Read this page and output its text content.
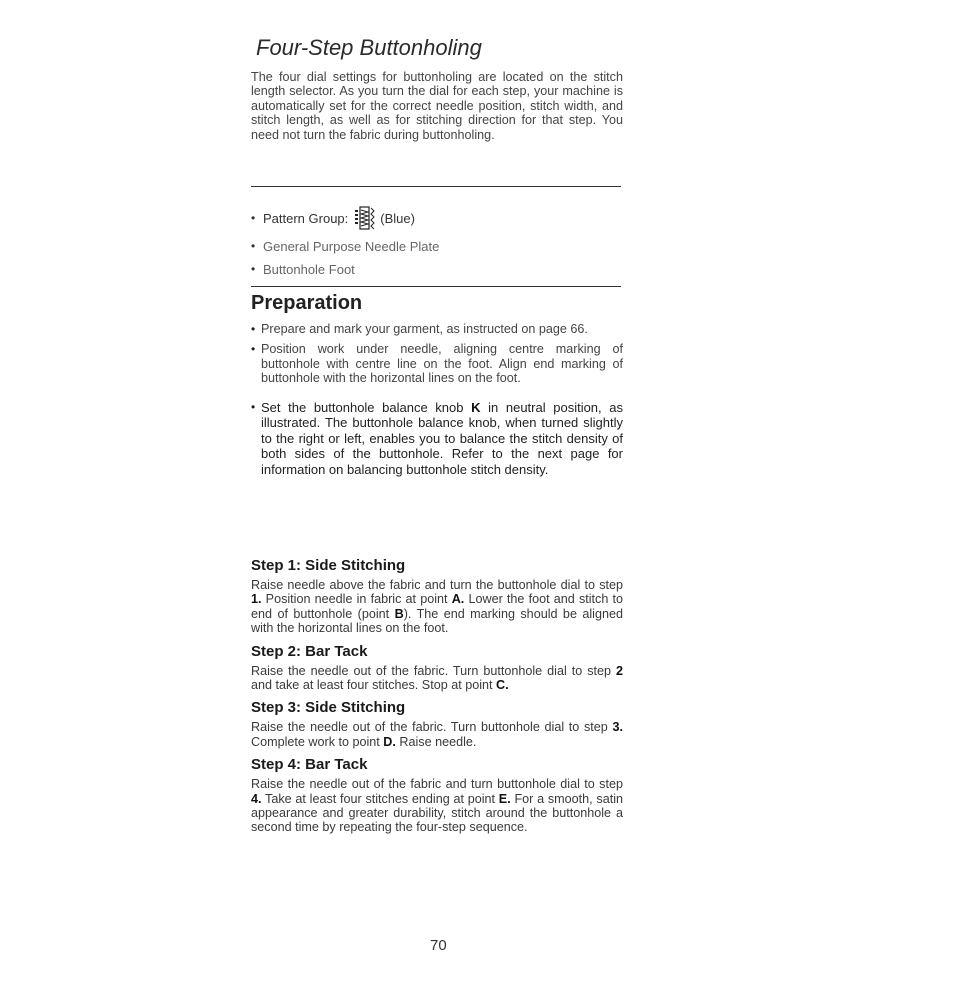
Four-Step Buttonholing

The four dial settings for buttonholing are located on the stitch length selector. As you turn the dial for each step, your machine is automatically set for the correct needle position, stitch width, and stitch length, as well as for stitching direction for that step. You need not turn the fabric during buttonholing.

• Pattern Group: (Blue)
• General Purpose Needle Plate
• Buttonhole Foot
Preparation
• Prepare and mark your garment, as instructed on page 66.

• Position work under needle, aligning centre marking of buttonhole with centre line on the foot. Align end marking of buttonhole with the horizontal lines on the foot.

• Set the buttonhole balance knob K in neutral position, as illustrated. The buttonhole balance knob, when turned slightly to the right or left, enables you to balance the stitch density of both sides of the buttonhole. Refer to the next page for information on balancing buttonhole stitch density.

Step 1: Side Stitching

Raise needle above the fabric and turn the buttonhole dial to step 1. Position needle in fabric at point A. Lower the foot and stitch to end of buttonhole (point B). The end marking should be aligned with the horizontal lines on the foot.

Step 2: Bar Tack

Raise the needle out of the fabric. Turn buttonhole dial to step 2 and take at least four stitches. Stop at point C.

Step 3: Side Stitching

Raise the needle out of the fabric. Turn buttonhole dial to step 3. Complete work to point D. Raise needle.

Step 4: Bar Tack

Raise the needle out of the fabric and turn buttonhole dial to step 4. Take at least four stitches ending at point E. For a smooth, satin appearance and greater durability, stitch around the buttonhole a second time by repeating the four-step sequence.

70
